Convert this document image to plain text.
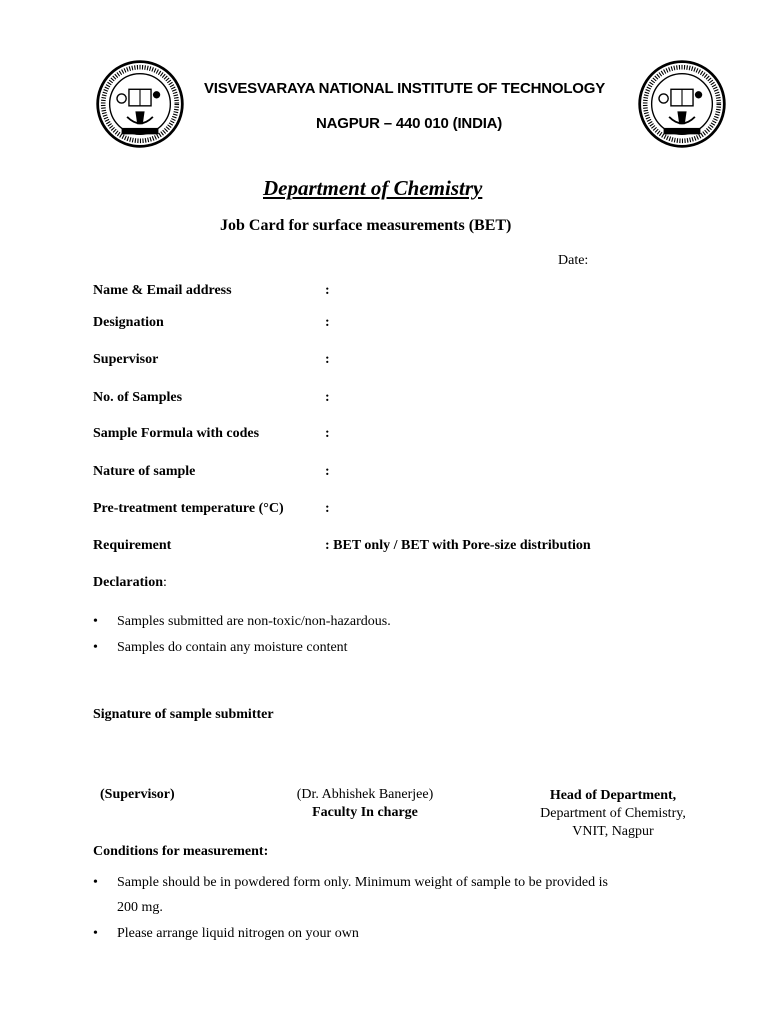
VISVESVARAYA NATIONAL INSTITUTE OF TECHNOLOGY
NAGPUR – 440 010 (INDIA)
Department of Chemistry
Job Card for surface measurements (BET)
Date:
Name & Email address	:
Designation	:
Supervisor	:
No. of Samples	:
Sample Formula with codes	:
Nature of sample	:
Pre-treatment temperature (°C)	:
Requirement	: BET only / BET with Pore-size distribution
Declaration:
• Samples submitted are non-toxic/non-hazardous.
• Samples do contain any moisture content
Signature of sample submitter
(Supervisor)	(Dr. Abhishek Banerjee)
Faculty In charge
Head of Department,
Department of Chemistry,
VNIT, Nagpur
Conditions for measurement:
• Sample should be in powdered form only. Minimum weight of sample to be provided is
200 mg.
• Please arrange liquid nitrogen on your own
